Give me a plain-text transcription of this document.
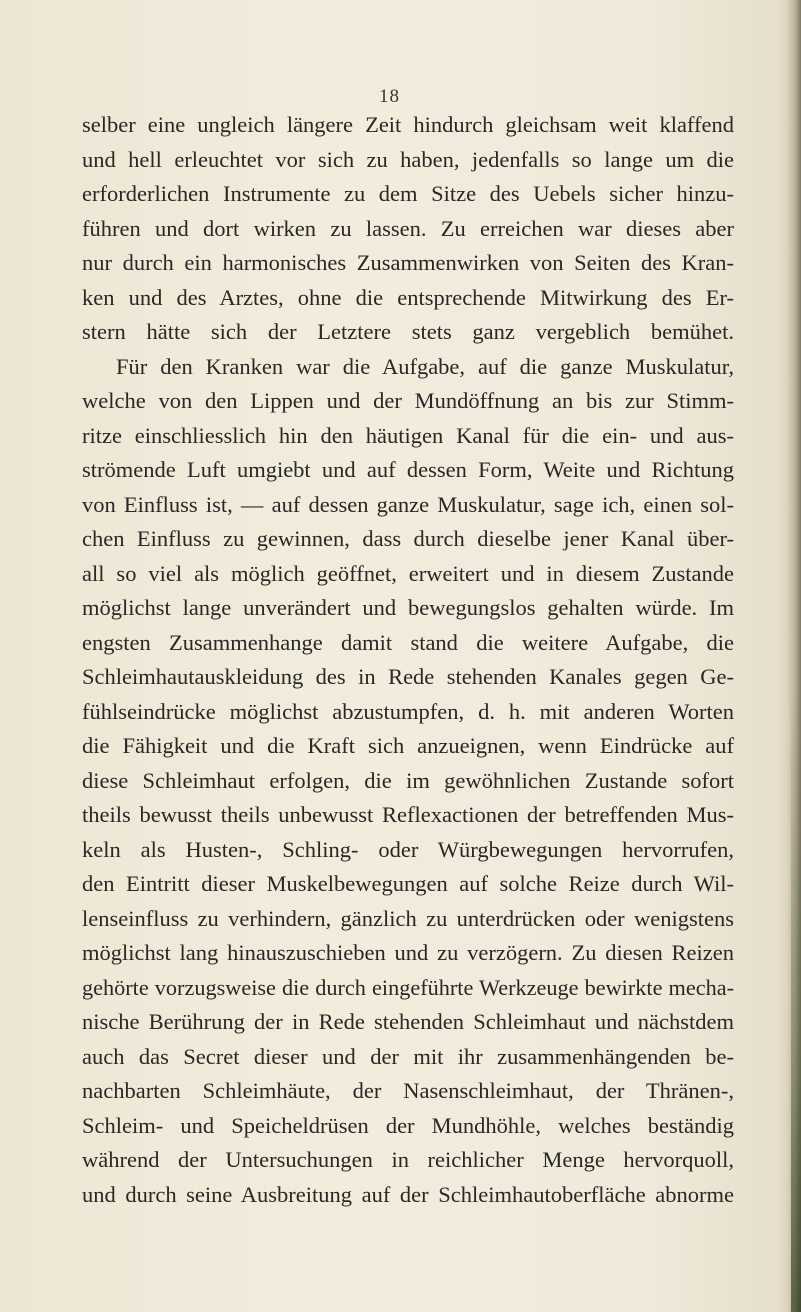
18
selber eine ungleich längere Zeit hindurch gleichsam weit klaffend
und hell erleuchtet vor sich zu haben, jedenfalls so lange um die
erforderlichen Instrumente zu dem Sitze des Uebels sicher hinzu-
führen und dort wirken zu lassen. Zu erreichen war dieses aber
nur durch ein harmonisches Zusammenwirken von Seiten des Kran-
ken und des Arztes, ohne die entsprechende Mitwirkung des Er-
stern hätte sich der Letztere stets ganz vergeblich bemühet.
Für den Kranken war die Aufgabe, auf die ganze Muskulatur,
welche von den Lippen und der Mundöffnung an bis zur Stimm-
ritze einschliesslich hin den häutigen Kanal für die ein- und aus-
strömende Luft umgiebt und auf dessen Form, Weite und Richtung
von Einfluss ist, — auf dessen ganze Muskulatur, sage ich, einen sol-
chen Einfluss zu gewinnen, dass durch dieselbe jener Kanal über-
all so viel als möglich geöffnet, erweitert und in diesem Zustande
möglichst lange unverändert und bewegungslos gehalten würde. Im
engsten Zusammenhange damit stand die weitere Aufgabe, die
Schleimhautauskleidung des in Rede stehenden Kanales gegen Ge-
fühlseindrücke möglichst abzustumpfen, d. h. mit anderen Worten
die Fähigkeit und die Kraft sich anzueignen, wenn Eindrücke auf
diese Schleimhaut erfolgen, die im gewöhnlichen Zustande sofort
theils bewusst theils unbewusst Reflexactionen der betreffenden Mus-
keln als Husten-, Schling- oder Würgbewegungen hervorrufen,
den Eintritt dieser Muskelbewegungen auf solche Reize durch Wil-
lenseinfluss zu verhindern, gänzlich zu unterdrücken oder wenigstens
möglichst lang hinauszuschieben und zu verzögern. Zu diesen Reizen
gehörte vorzugsweise die durch eingeführte Werkzeuge bewirkte mecha-
nische Berührung der in Rede stehenden Schleimhaut und nächstdem
auch das Secret dieser und der mit ihr zusammenhängenden be-
nachbarten Schleimhäute, der Nasenschleimhaut, der Thränen-,
Schleim- und Speicheldrüsen der Mundhöhle, welches beständig
während der Untersuchungen in reichlicher Menge hervorquoll,
und durch seine Ausbreitung auf der Schleimhautoberfläche abnorme
